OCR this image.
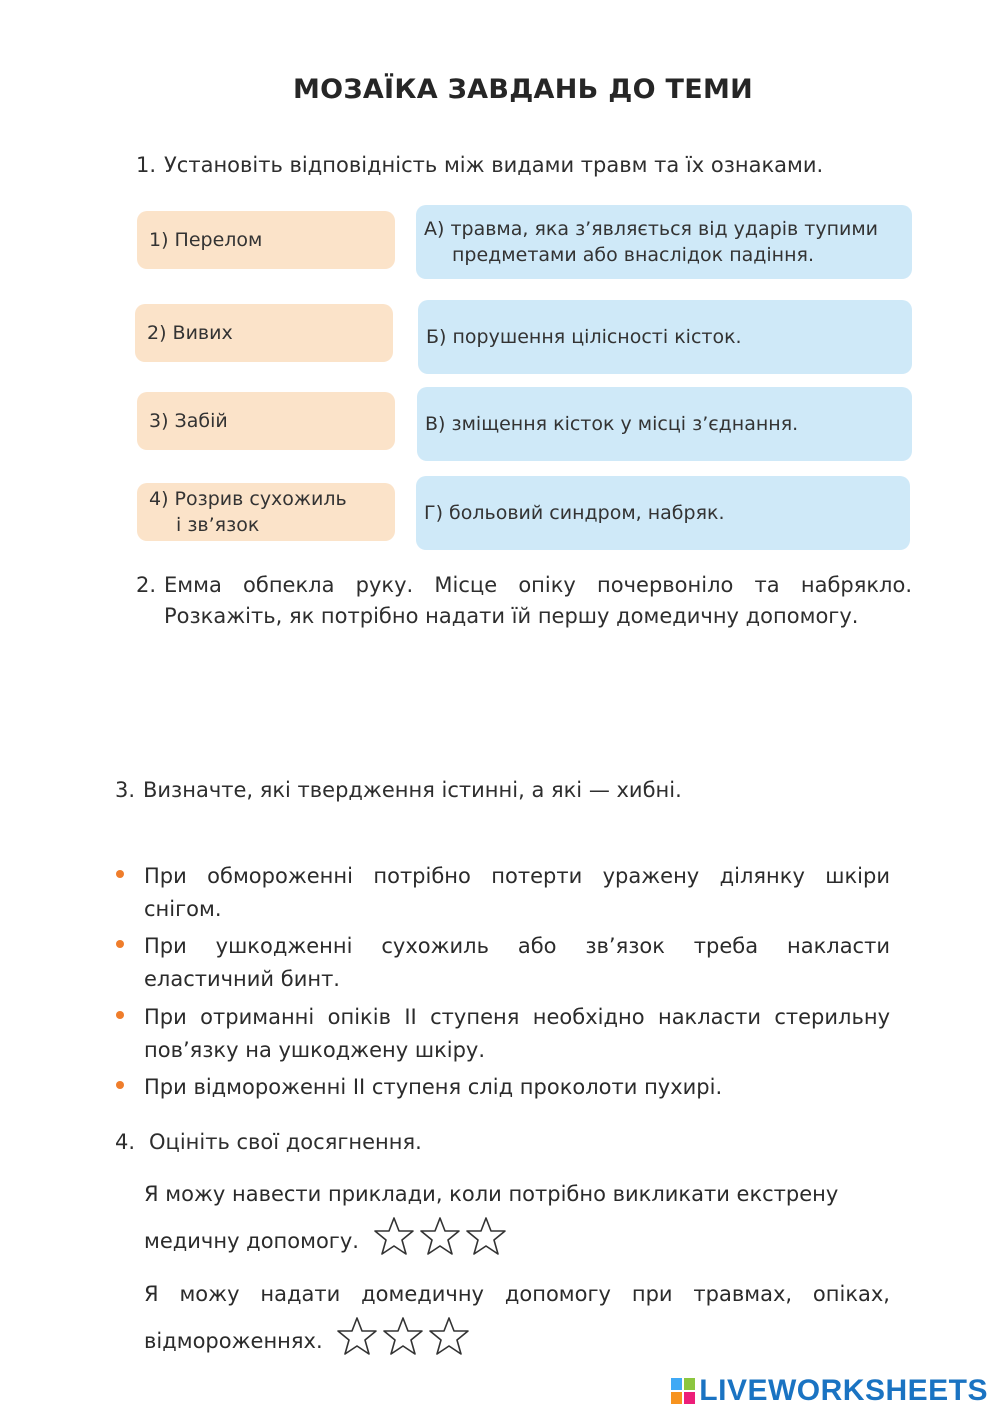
МОЗАЇКА ЗАВДАНЬ ДО ТЕМИ
1. Установіть відповідність між видами травм та їх ознаками.
1) Перелом
2) Вивих
3) Забій
4) Розрив сухожиль
і зв’язок
А) травма, яка з’являється від ударів тупими
предметами або внаслідок падіння.
Б) порушення цілісності кісток.
В) зміщення кісток у місці з’єднання.
Г) больовий синдром, набряк.
2. Емма обпекла руку. Місце опіку почервоніло та набрякло. Розкажіть, як потрібно надати їй першу домедичну допомогу.
3. Визначте, які твердження істинні, а які — хибні.
При обмороженні потрібно потерти уражену ділянку шкіри снігом.
При ушкодженні сухожиль або зв’язок треба накласти еластичний бинт.
При отриманні опіків ІІ ступеня необхідно накласти стерильну пов’язку на ушкоджену шкіру.
При відмороженні ІІ ступеня слід проколоти пухирі.
4. Оцініть свої досягнення.
Я можу навести приклади, коли потрібно викликати екстрену
медичну допомогу.
Я можу надати домедичну допомогу при травмах, опіках,
відмороженнях.
LIVEWORKSHEETS
